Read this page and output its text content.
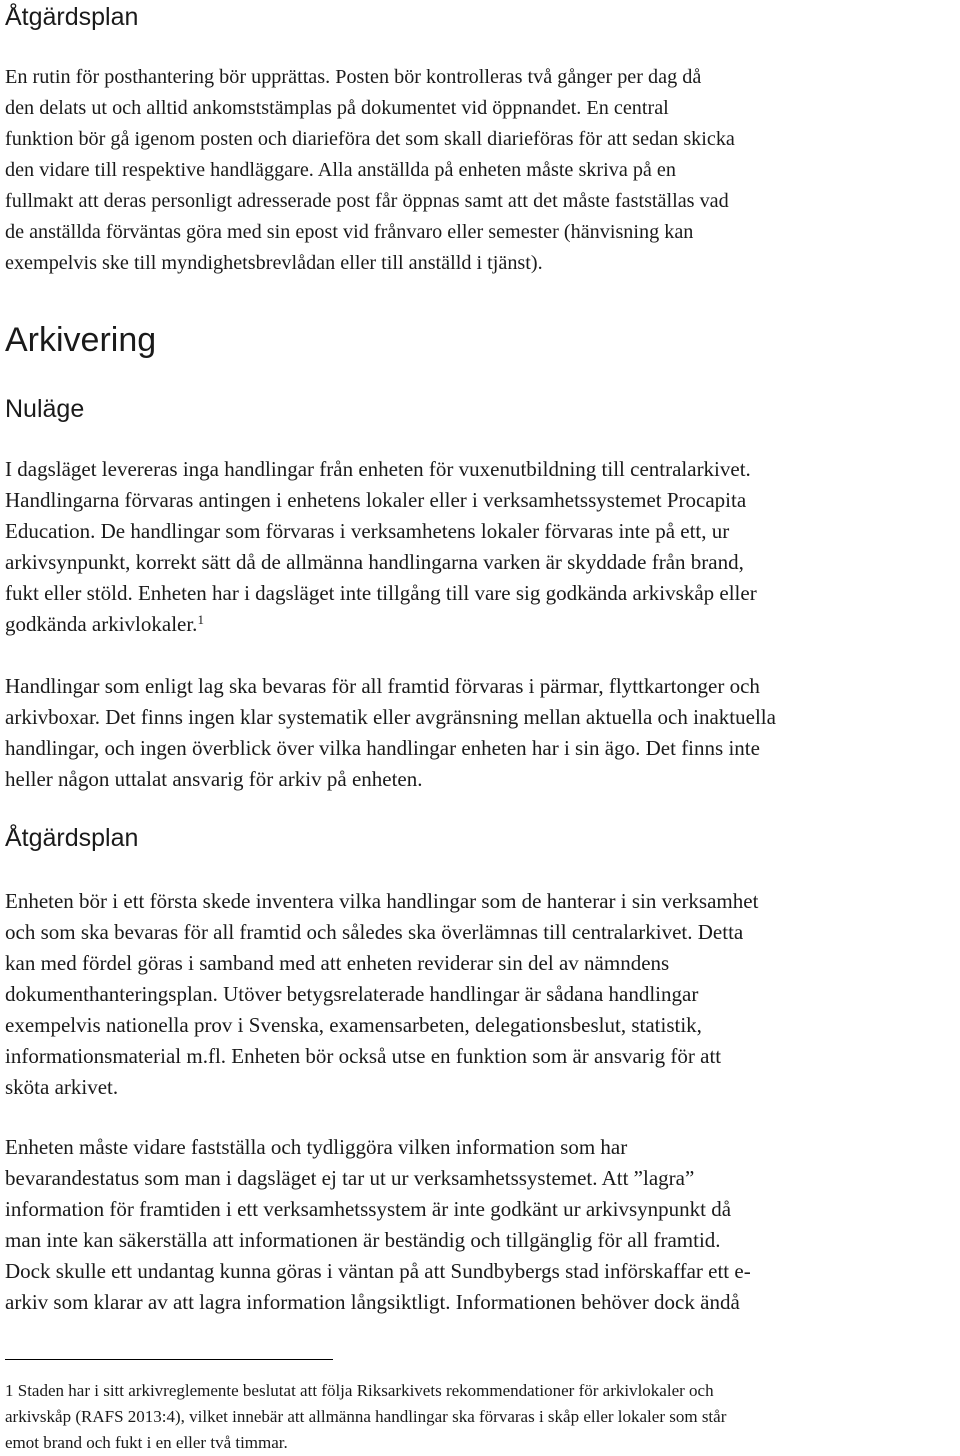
Åtgärdsplan

En rutin för posthantering bör upprättas. Posten bör kontrolleras två gånger per dag då
den delats ut och alltid ankomststämplas på dokumentet vid öppnandet. En central
funktion bör gå igenom posten och diarieföra det som skall diarieföras för att sedan skicka
den vidare till respektive handläggare. Alla anställda på enheten måste skriva på en
fullmakt att deras personligt adresserade post får öppnas samt att det måste fastställas vad
de anställda förväntas göra med sin epost vid frånvaro eller semester (hänvisning kan
exempelvis ske till myndighetsbrevlådan eller till anställd i tjänst).

Arkivering
Nuläge

I dagsläget levereras inga handlingar från enheten för vuxenutbildning till centralarkivet.
Handlingarna förvaras antingen i enhetens lokaler eller i verksamhetssystemet Procapita
Education. De handlingar som förvaras i verksamhetens lokaler förvaras inte på ett, ur
arkivsynpunkt, korrekt sätt då de allmänna handlingarna varken är skyddade från brand,
fukt eller stöld. Enheten har i dagsläget inte tillgång till vare sig godkända arkivskåp eller
godkända arkivlokaler.$^1$

Handlingar som enligt lag ska bevaras för all framtid förvaras i pärmar, flyttkartonger och
arkivboxar. Det finns ingen klar systematik eller avgränsning mellan aktuella och inaktuella
handlingar, och ingen överblick över vilka handlingar enheten har i sin ägo. Det finns inte
heller någon uttalat ansvarig för arkiv på enheten.

Åtgärdsplan

Enheten bör i ett första skede inventera vilka handlingar som de hanterar i sin verksamhet
och som ska bevaras för all framtid och således ska överlämnas till centralarkivet. Detta
kan med fördel göras i samband med att enheten reviderar sin del av nämndens
dokumenthanteringsplan. Utöver betygsrelaterade handlingar är sådana handlingar
exempelvis nationella prov i Svenska, examensarbeten, delegationsbeslut, statistik,
informationsmaterial m.fl. Enheten bör också utse en funktion som är ansvarig för att
sköta arkivet.

Enheten måste vidare fastställa och tydliggöra vilken information som har
bevarandestatus som man i dagsläget ej tar ut ur verksamhetssystemet. Att ”lagra”
information för framtiden i ett verksamhetssystem är inte godkänt ur arkivsynpunkt då
man inte kan säkerställa att informationen är beständig och tillgänglig för all framtid.
Dock skulle ett undantag kunna göras i väntan på att Sundbybergs stad införskaffar ett e-
arkiv som klarar av att lagra information långsiktligt. Informationen behöver dock ändå

1 Staden har i sitt arkivreglemente beslutat att följa Riksarkivets rekommendationer för arkivlokaler och
arkivskåp (RAFS 2013:4), vilket innebär att allmänna handlingar ska förvaras i skåp eller lokaler som står
emot brand och fukt i en eller två timmar.
